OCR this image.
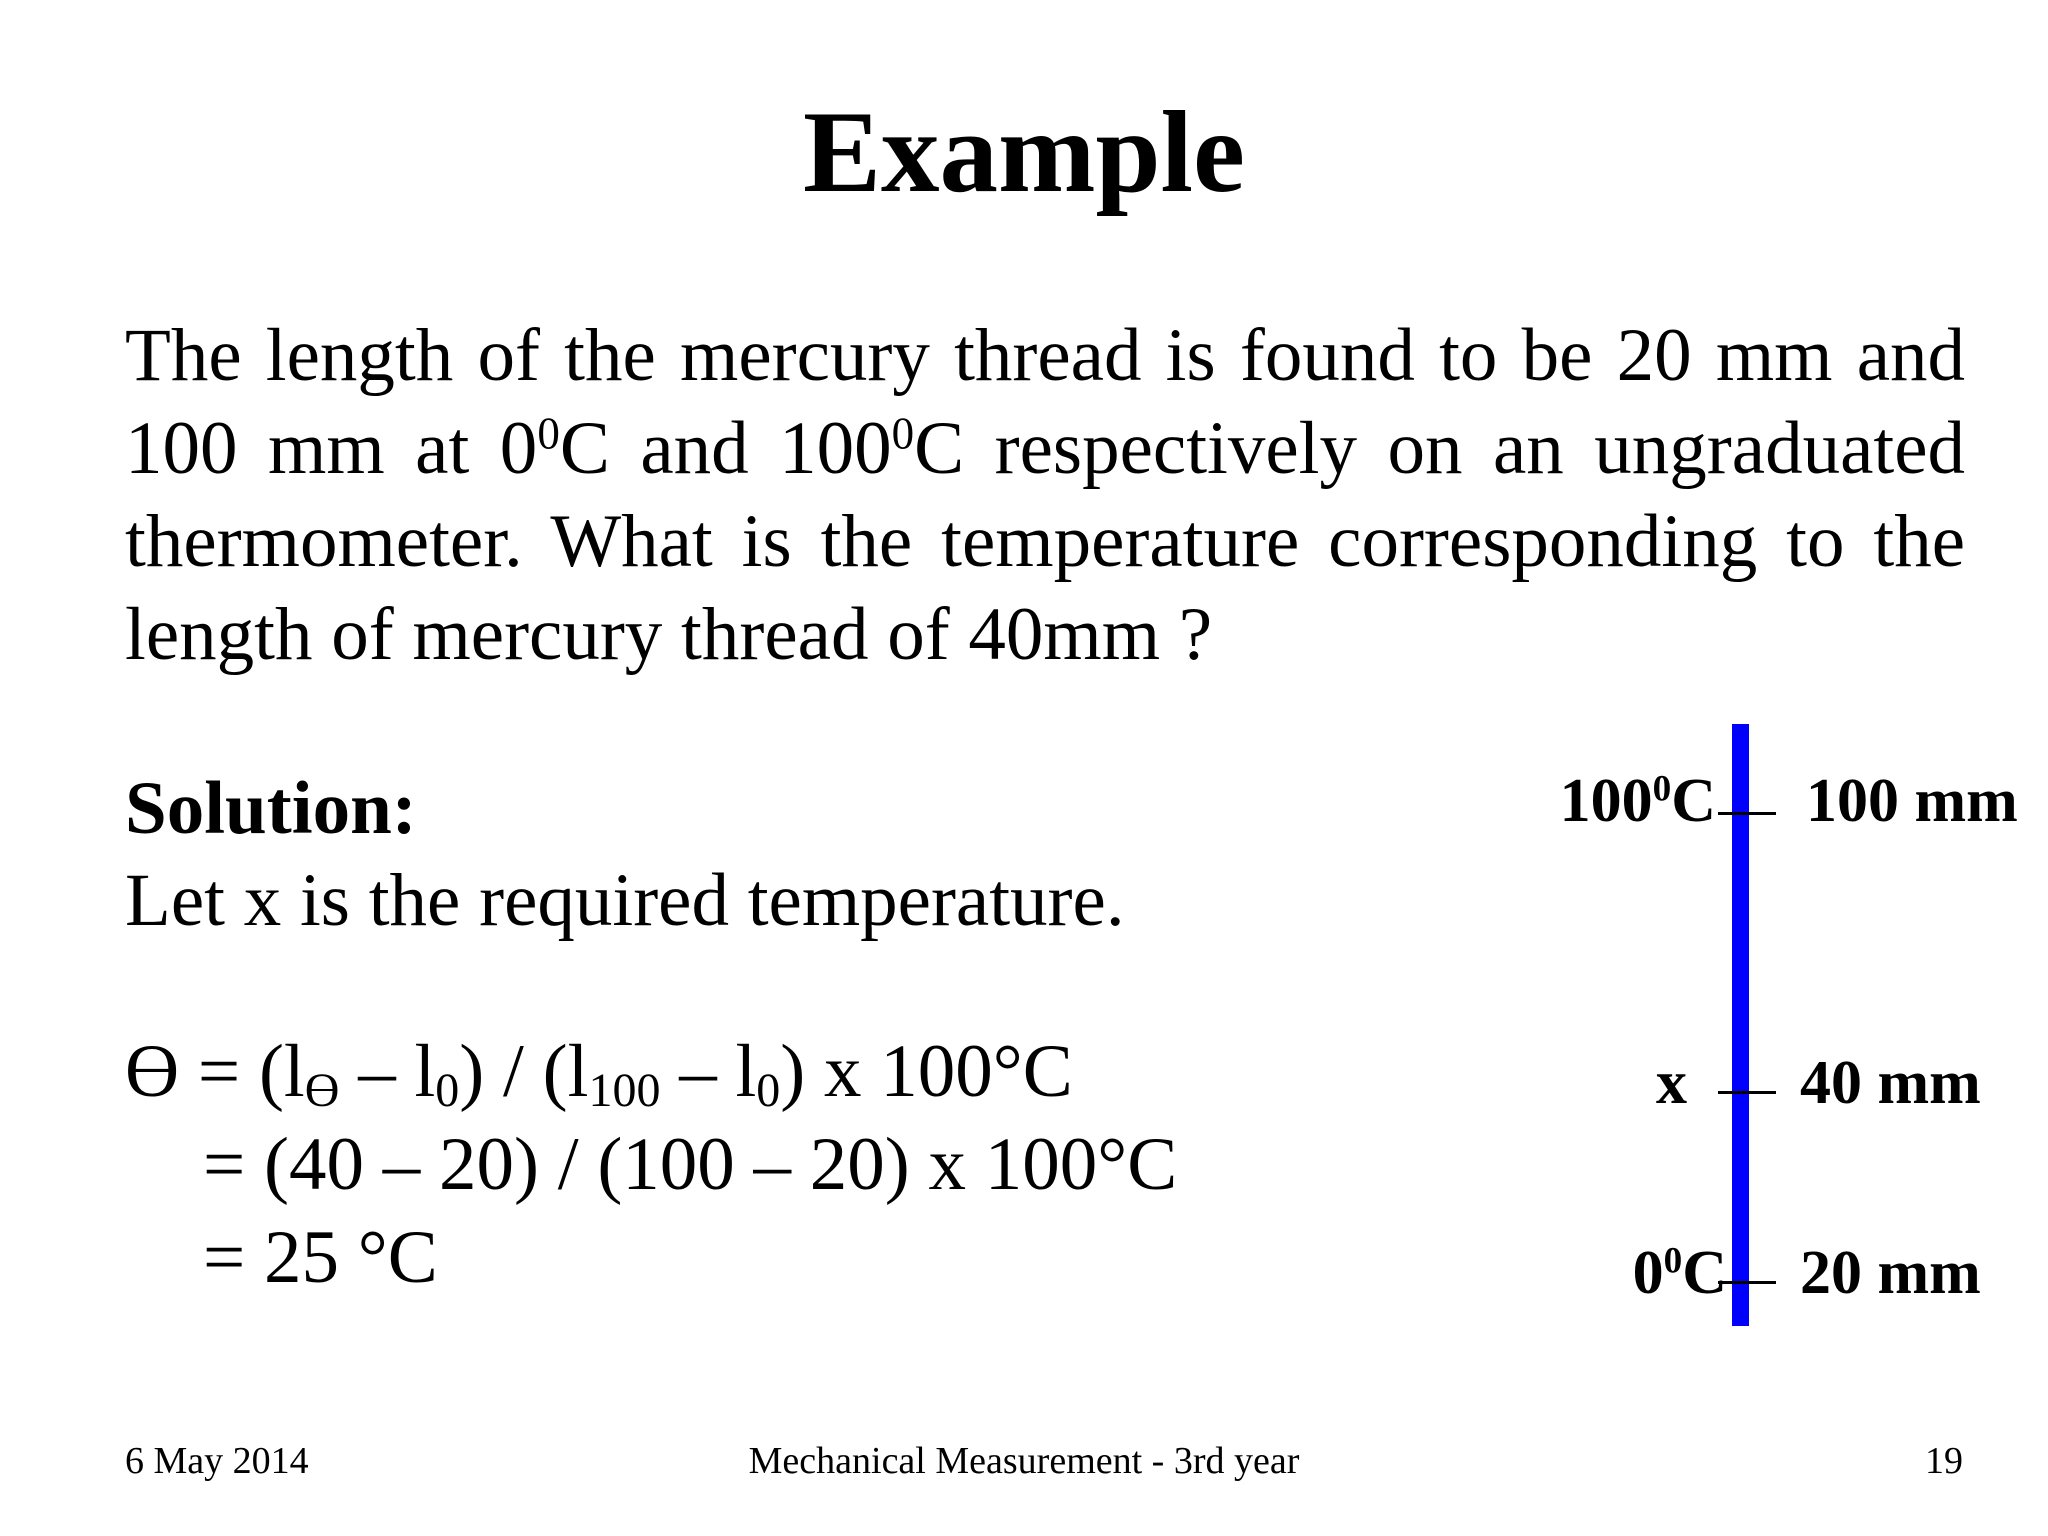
Example
The length of the mercury thread is found to be 20 mm and
100 mm at $0^0C$ and $100^0C$ respectively on an ungraduated
thermometer. What is the temperature corresponding to the
length of mercury thread of 40mm ?
Solution:
Let x is the required temperature.
Ɵ = $(l_Ɵ - l_0) / (l_{100} - l_0)$ x 100°C
= (40 – 20) / (100 – 20) x 100°C
= 25 °C
$100^0C$ 100 mm
x 40 mm
$0^0C$ 20 mm
6 May 2014	Mechanical Measurement - 3rd year	19
